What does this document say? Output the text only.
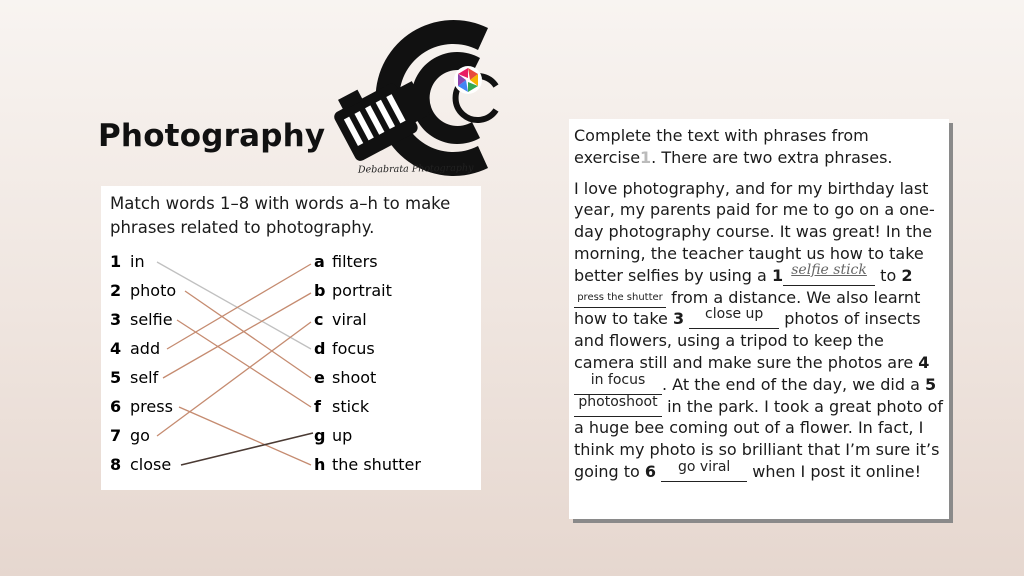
Photography
Debabrata Photography
Match words 1–8 with words a–h to make phrases related to photography.
1 in
2 photo
3 selfie
4 add
5 self
6 press
7 go
8 close
a filters
b portrait
c viral
d focus
e shoot
f stick
g up
h the shutter

Complete the text with phrases from exercise1. There are two extra phrases.

I love photography, and for my birthday last year, my parents paid for me to go on a one-day photography course. It was great! In the morning, the teacher taught us how to take better selfies by using a 1 selfie stick to 2 press the shutter from a distance. We also learnt how to take 3 close up photos of insects and flowers, using a tripod to keep the camera still and make sure the photos are 4 in focus . At the end of the day, we did a 5 photoshoot in the park. I took a great photo of a huge bee coming out of a flower. In fact, I think my photo is so brilliant that I’m sure it’s going to 6 go viral when I post it online!
